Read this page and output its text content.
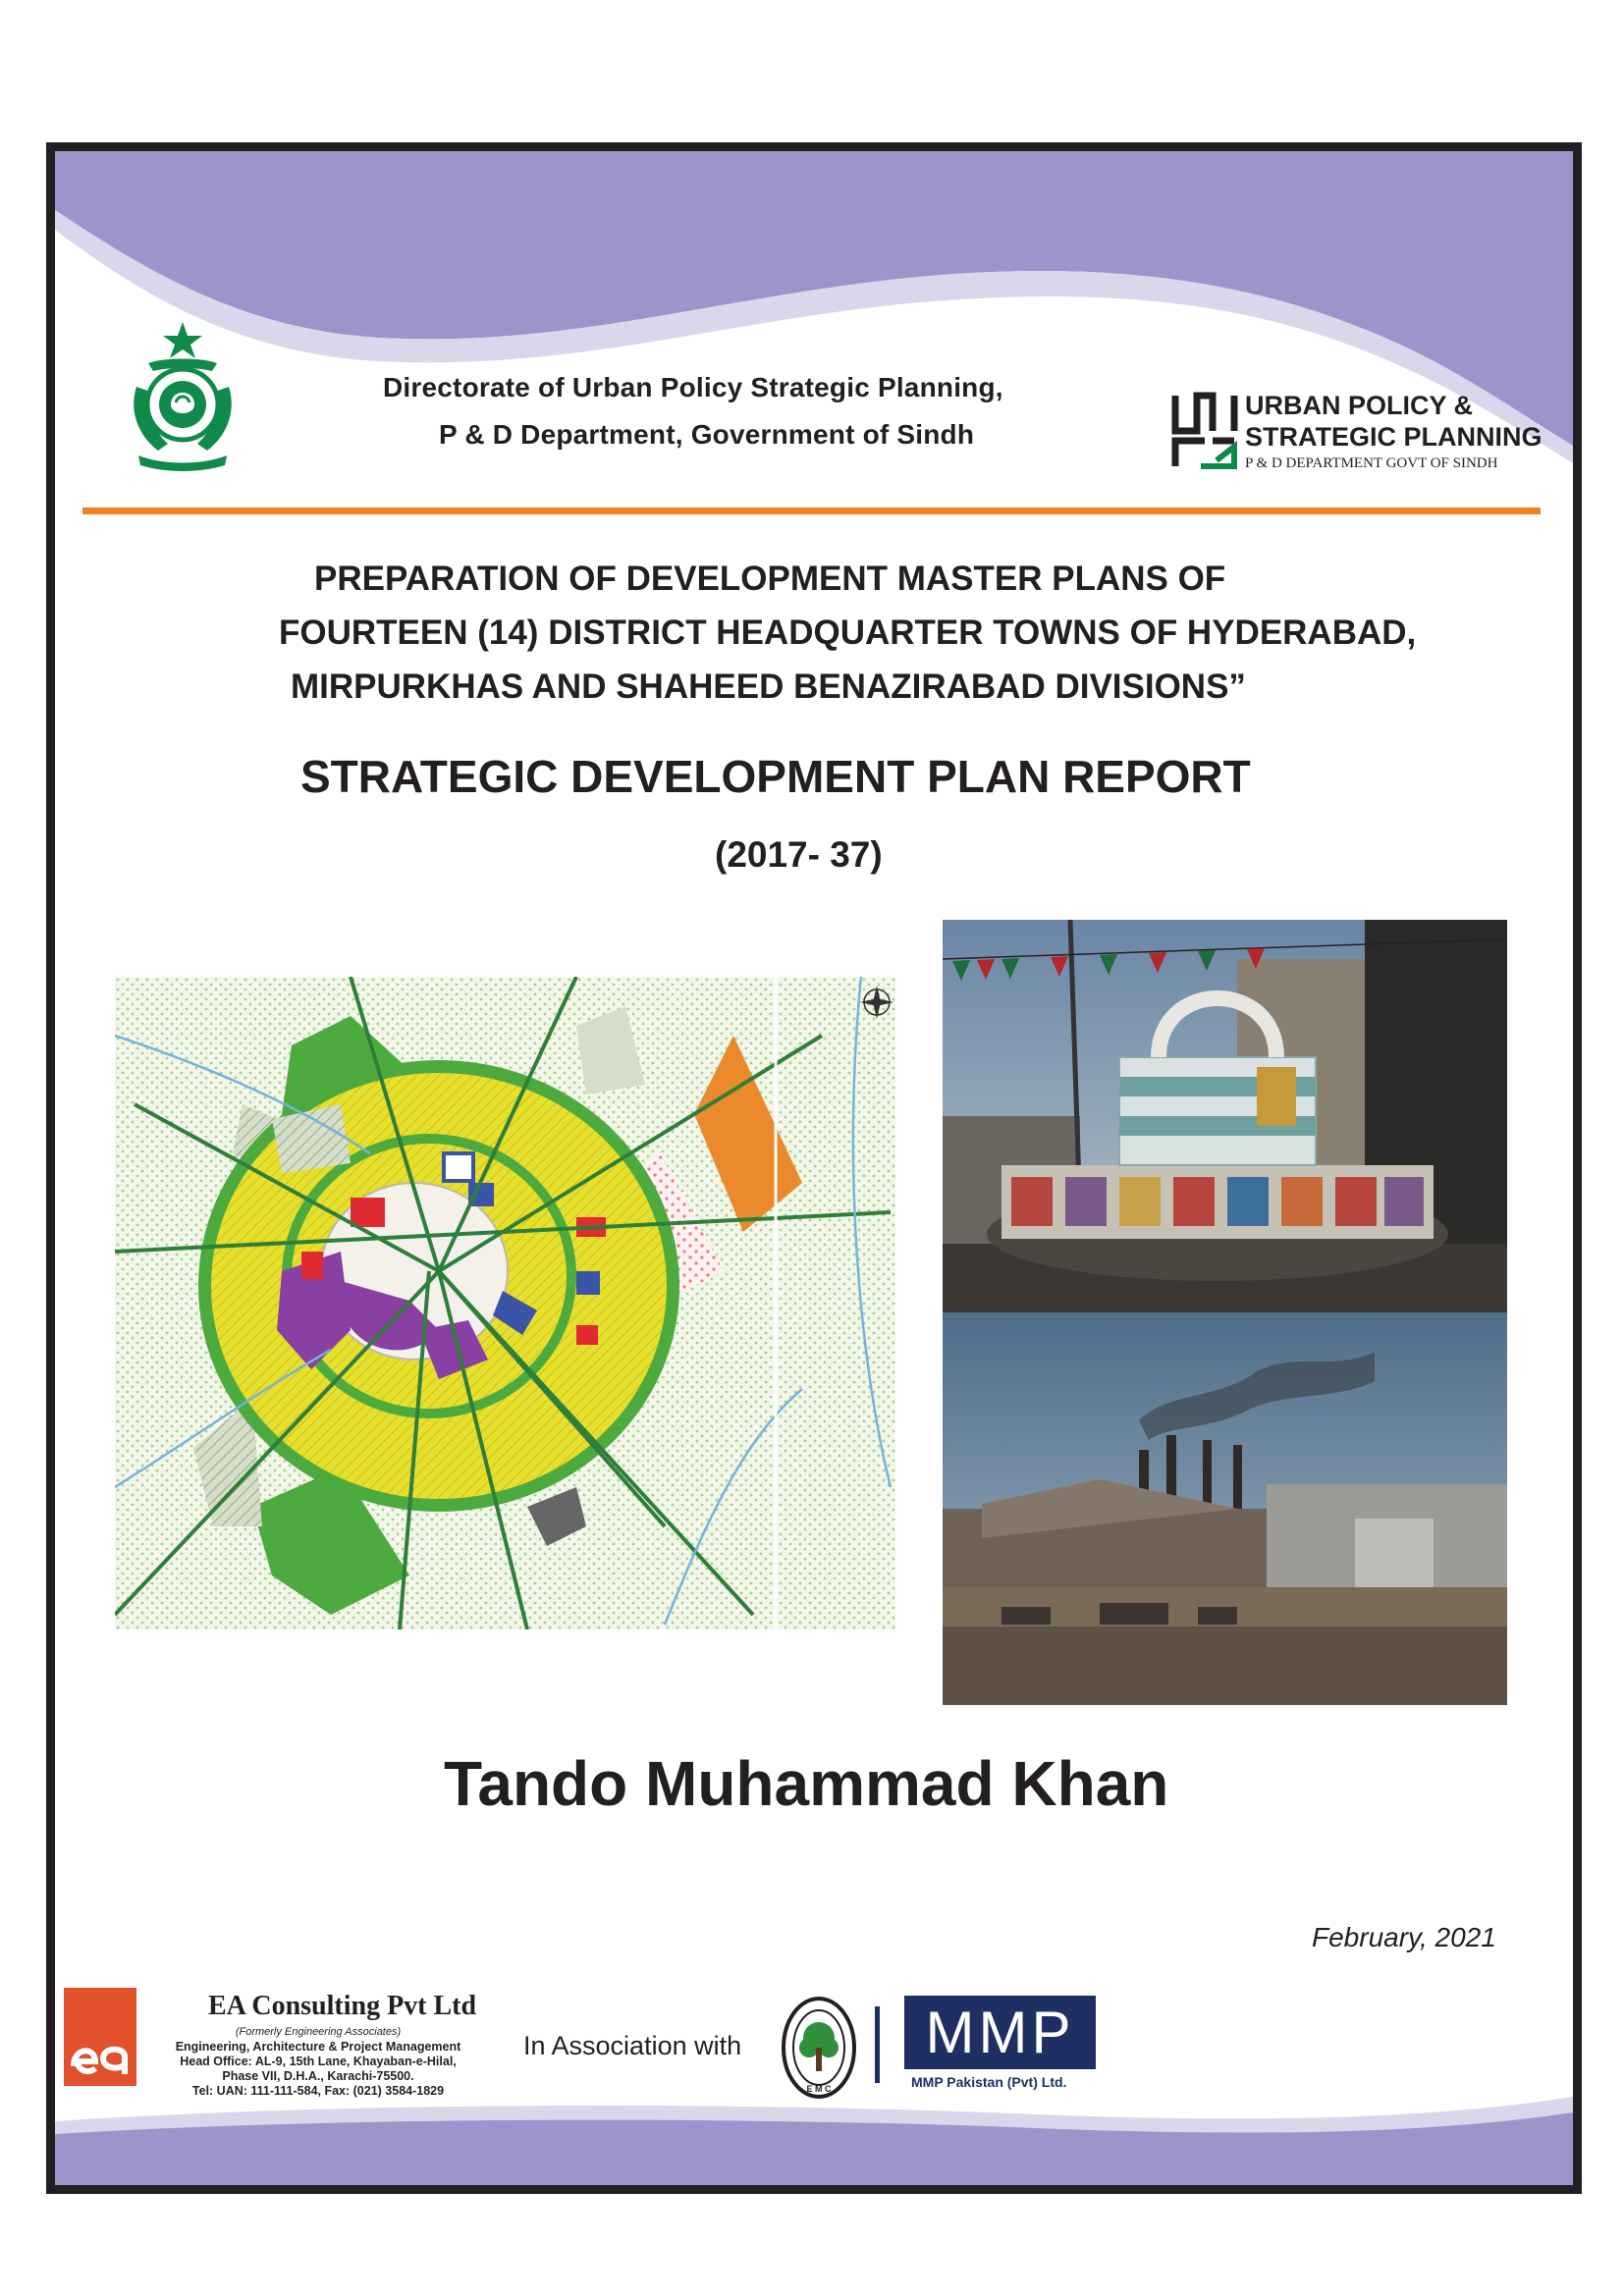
Directorate of Urban Policy Strategic Planning,
P & D Department, Government of Sindh
URBAN POLICY &
STRATEGIC PLANNING
P & D DEPARTMENT GOVT OF SINDH
PREPARATION OF DEVELOPMENT MASTER PLANS OF
FOURTEEN (14) DISTRICT HEADQUARTER TOWNS OF HYDERABAD,
MIRPURKHAS AND SHAHEED BENAZIRABAD DIVISIONS”
STRATEGIC DEVELOPMENT PLAN REPORT
(2017- 37)
Tando Muhammad Khan
February, 2021
EA Consulting Pvt Ltd
(Formerly Engineering Associates)
Engineering, Architecture & Project Management
Head Office: AL-9, 15th Lane, Khayaban-e-Hilal,
Phase VII, D.H.A., Karachi-75500.
Tel: UAN: 111-111-584, Fax: (021) 3584-1829
In Association with
E M C
MMP
MMP Pakistan (Pvt) Ltd.
